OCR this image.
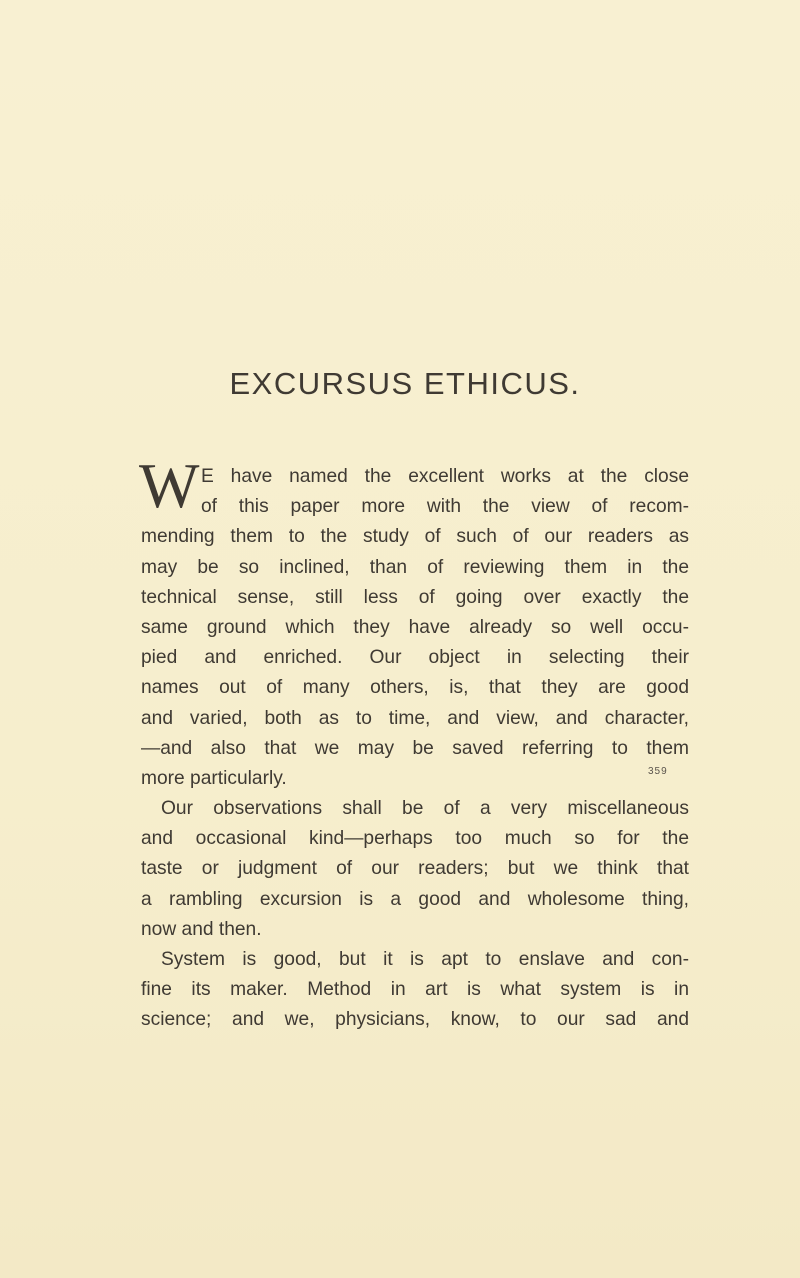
EXCURSUS ETHICUS.
W E have named the excellent works at the close
of this paper more with the view of recom-
mending them to the study of such of our readers as
may be so inclined, than of reviewing them in the
technical sense, still less of going over exactly the
same ground which they have already so well occu-
pied and enriched. Our object in selecting their
names out of many others, is, that they are good
and varied, both as to time, and view, and character,
—and also that we may be saved referring to them
more particularly.
Our observations shall be of a very miscellaneous
and occasional kind—perhaps too much so for the
taste or judgment of our readers; but we think that
a rambling excursion is a good and wholesome thing,
now and then.
System is good, but it is apt to enslave and con-
fine its maker. Method in art is what system is in
science; and we, physicians, know, to our sad and
359
